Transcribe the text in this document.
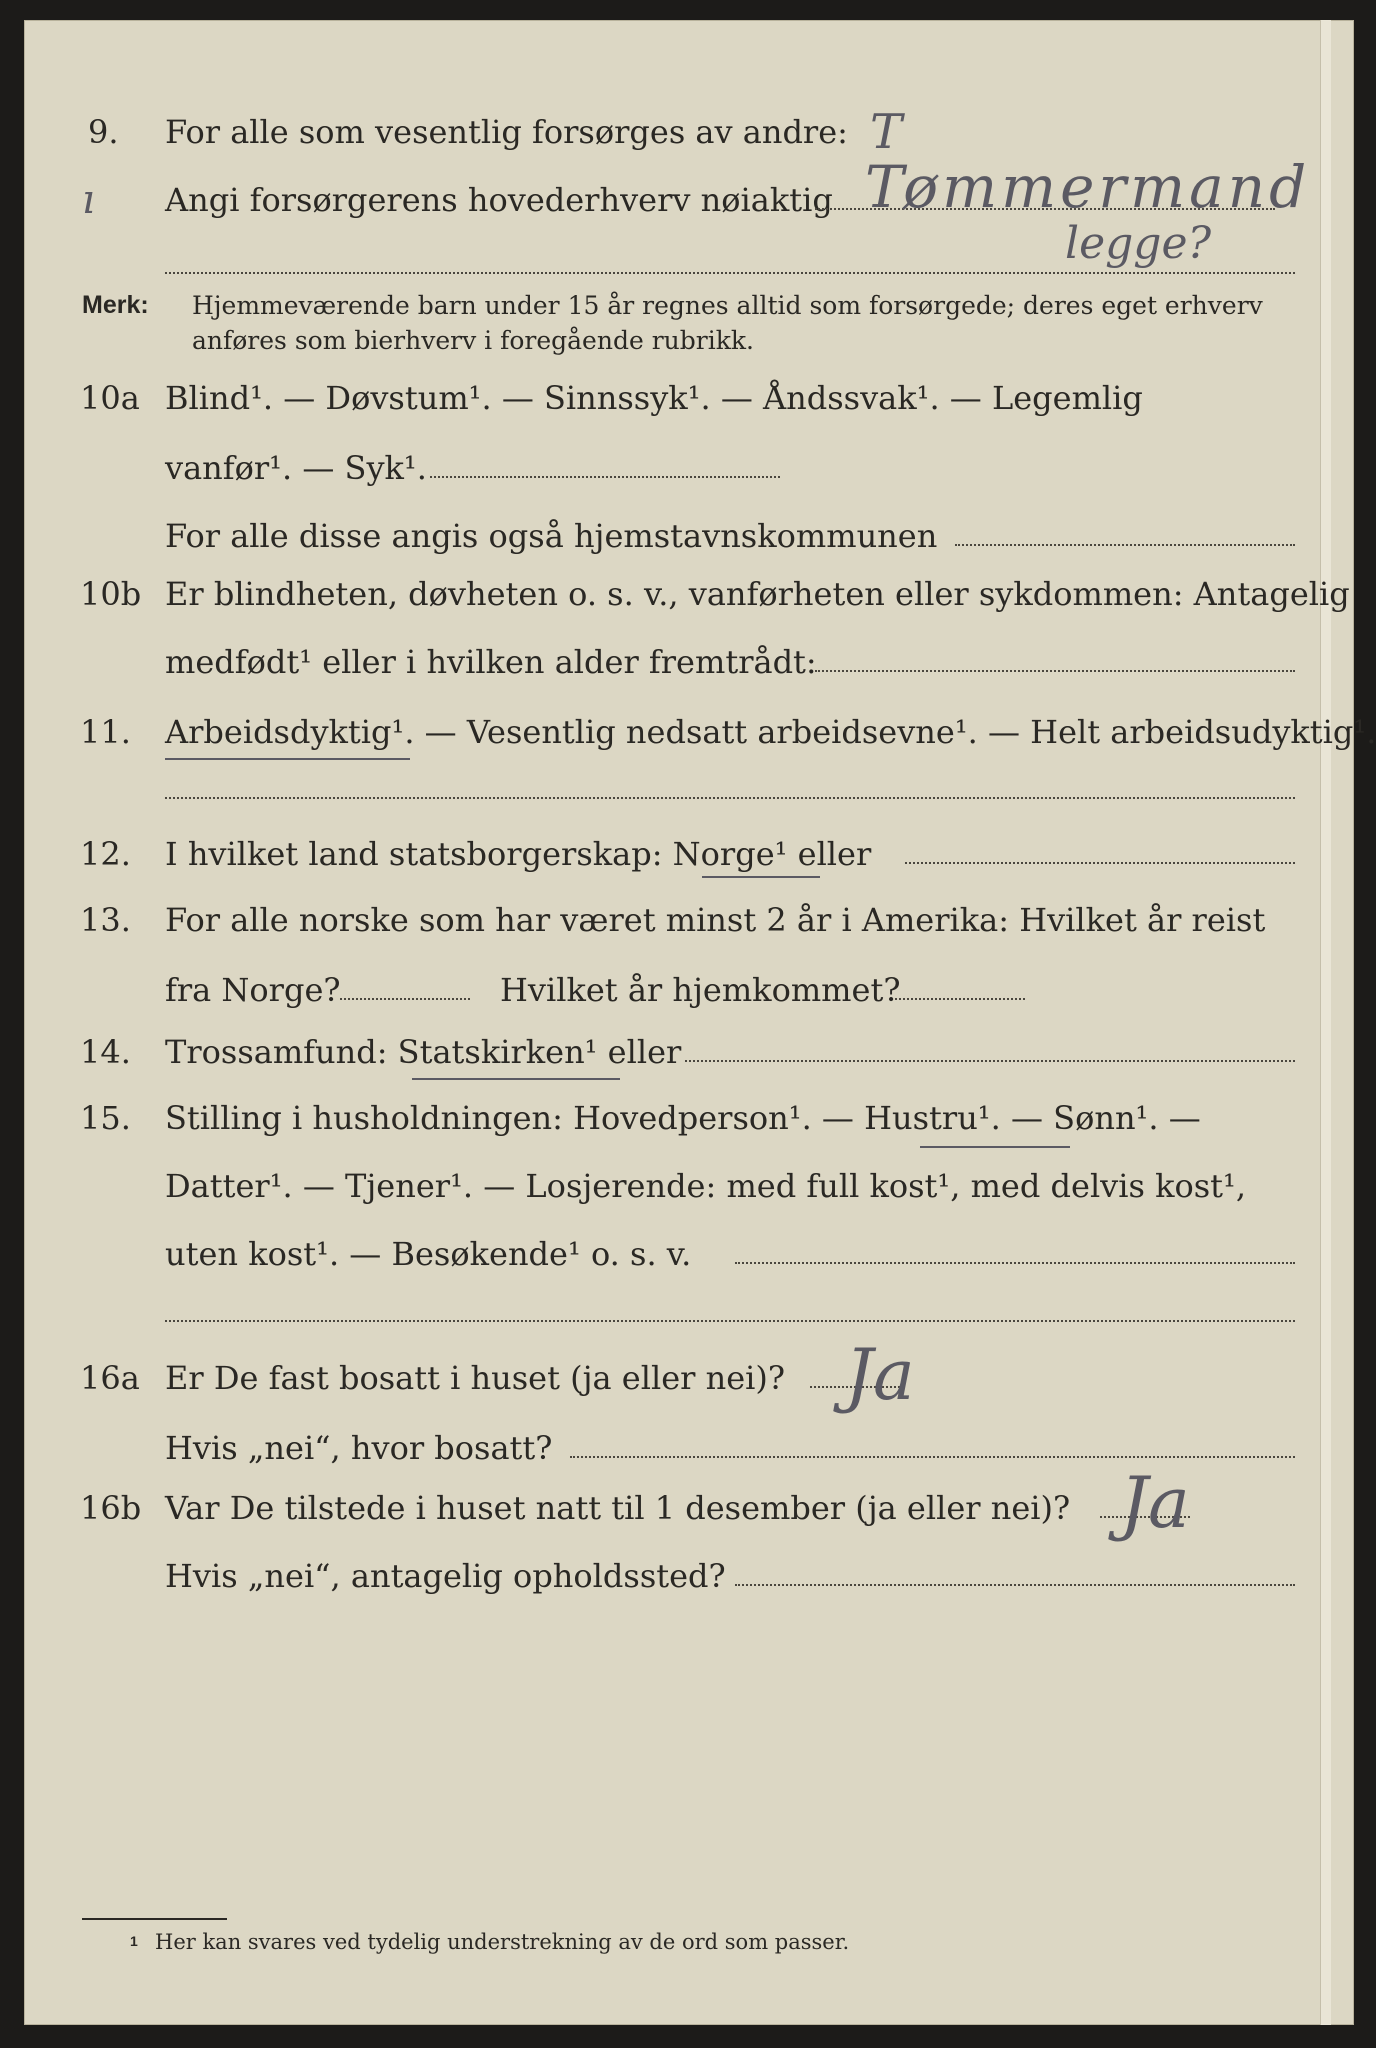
9. For alle som vesentlig forsørges av andre: T
ı Angi forsørgerens hovederhverv nøiaktig Tømmermand
legge?
Merk: Hjemmeværende barn under 15 år regnes alltid som forsørgede; deres eget erhverv
anføres som bierhverv i foregående rubrikk.
10a Blind¹. — Døvstum¹. — Sinnssyk¹. — Åndssvak¹. — Legemlig
vanfør¹. — Syk¹.
For alle disse angis også hjemstavnskommunen
10b Er blindheten, døvheten o. s. v., vanførheten eller sykdommen: Antagelig
medfødt¹ eller i hvilken alder fremtrådt:
11. Arbeidsdyktig¹. — Vesentlig nedsatt arbeidsevne¹. — Helt arbeidsudyktig¹.
12. I hvilket land statsborgerskap: Norge¹ eller
13. For alle norske som har været minst 2 år i Amerika: Hvilket år reist
fra Norge?	Hvilket år hjemkommet?
14. Trossamfund: Statskirken¹ eller
15. Stilling i husholdningen: Hovedperson¹. — Hustru¹. — Sønn¹. —
Datter¹. — Tjener¹. — Losjerende: med full kost¹, med delvis kost¹,
uten kost¹. — Besøkende¹ o. s. v.
16a Er De fast bosatt i huset (ja eller nei)? Ja
Hvis „nei“, hvor bosatt?
16b Var De tilstede i huset natt til 1 desember (ja eller nei)? Ja
Hvis „nei“, antagelig opholdssted?
1 Her kan svares ved tydelig understrekning av de ord som passer.
